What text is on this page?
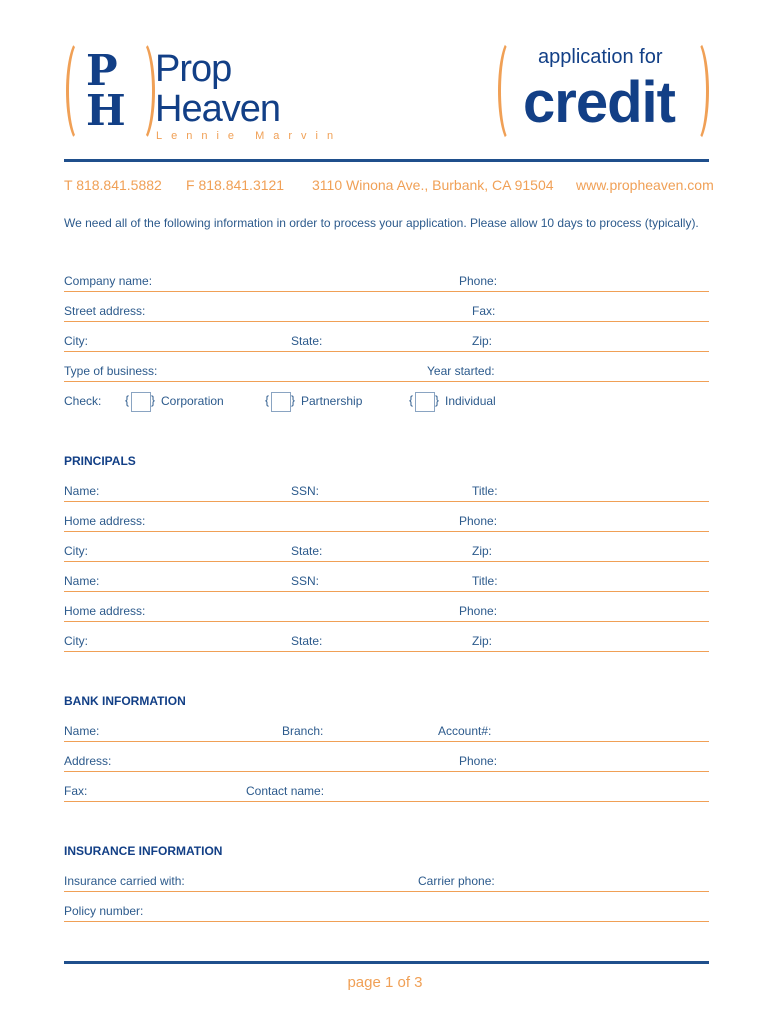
P
H
Prop
Heaven
Lennie Marvin
application for
credit
T 818.841.5882 F 818.841.3121 3110 Winona Ave., Burbank, CA 91504 www.propheaven.com
We need all of the following information in order to process your application. Please allow 10 days to process (typically).
Company name:	Phone:
Street address:	Fax:
City:	State:	Zip:
Type of business:	Year started:
Check: { } Corporation	{ } Partnership	{ } Individual
PRINCIPALS
Name:	SSN:	Title:
Home address:	Phone:
City:	State:	Zip:
Name:	SSN:	Title:
Home address:	Phone:
City:	State:	Zip:
BANK INFORMATION
Name:	Branch:	Account#:
Address:	Phone:
Fax:	Contact name:
INSURANCE INFORMATION
Insurance carried with:	Carrier phone:
Policy number:
page 1 of 3
